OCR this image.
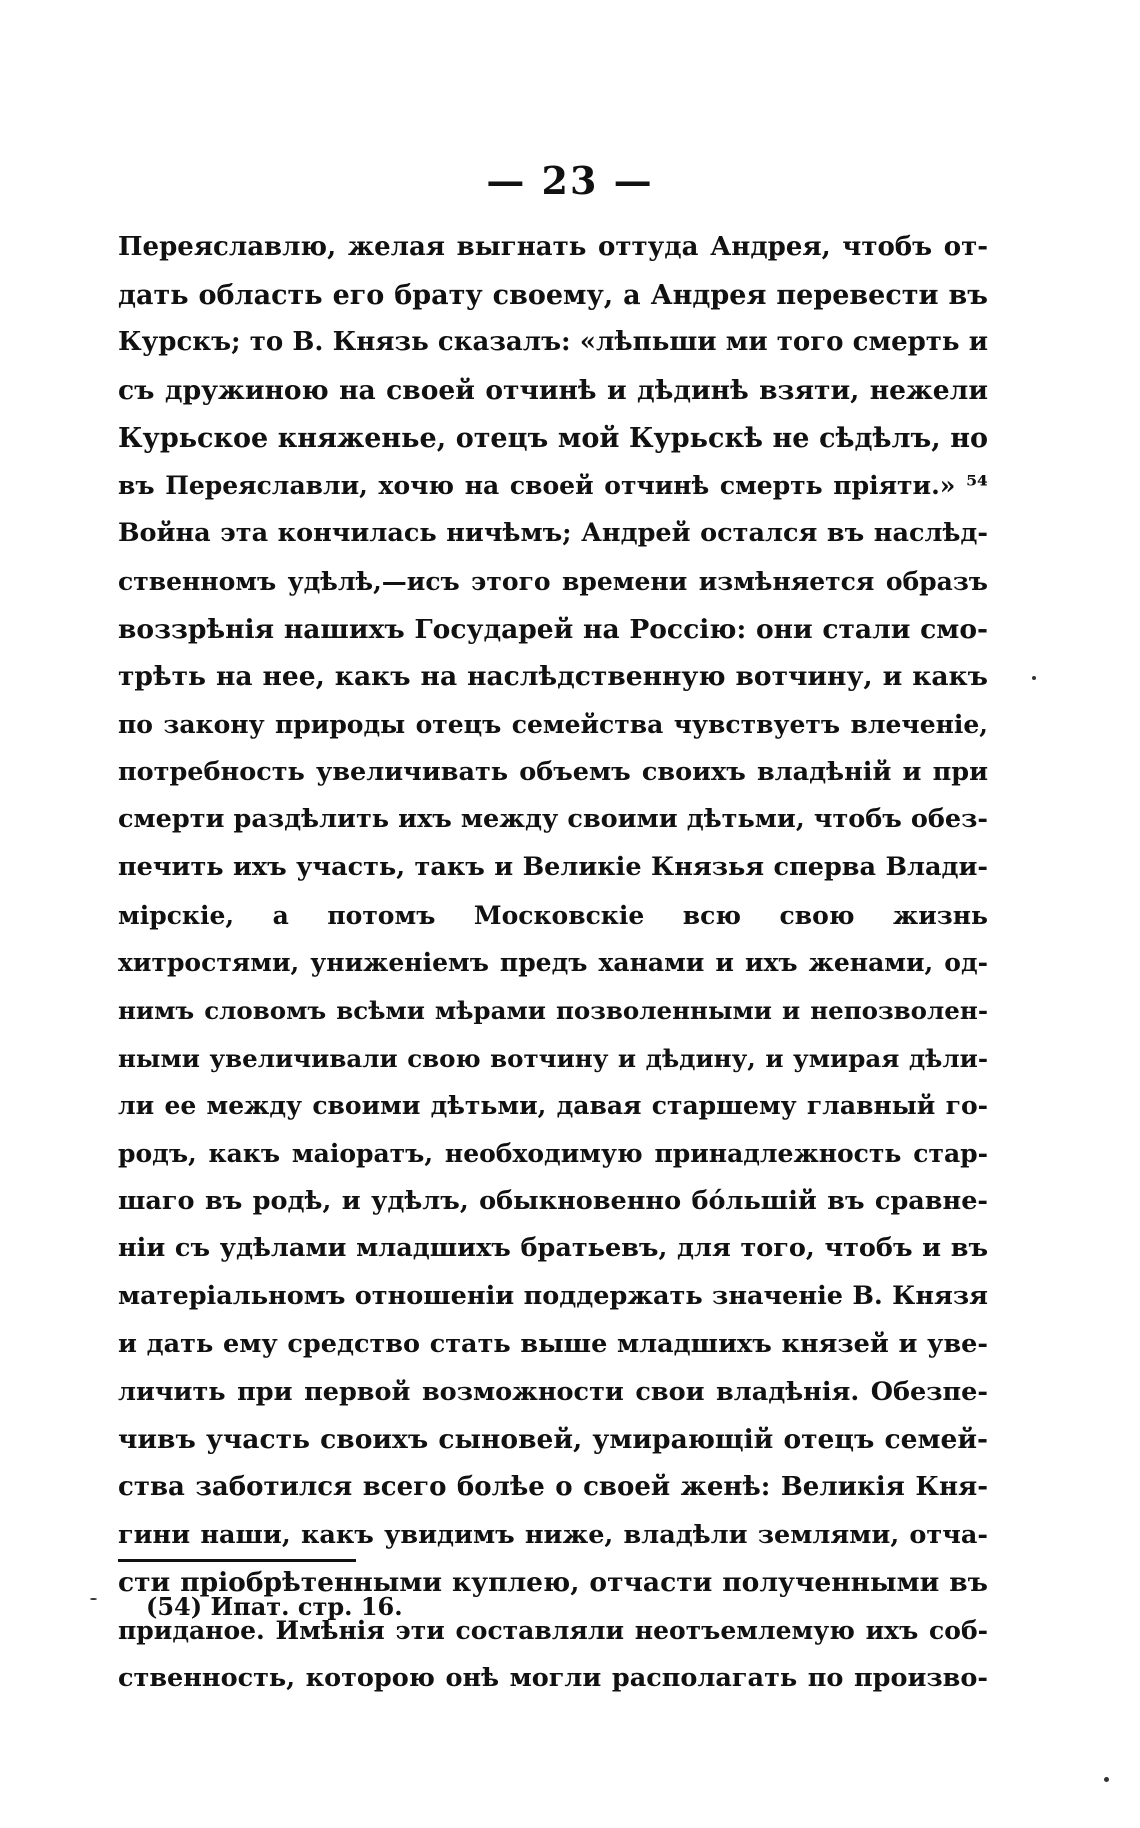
— 23 —
Переяславлю, желая выгнать оттуда Андрея, чтобъ от-
дать область его брату своему, а Андрея перевести въ
Курскъ; то В. Князь сказалъ: «лѣпьши ми того смерть и
съ дружиною на своей отчинѣ и дѣдинѣ взяти, нежели
Курьское княженье, отецъ мой Курьскѣ не сѣдѣлъ, но
въ Переяславли, хочю на своей отчинѣ смерть пріяти.» ⁵⁴
Война эта кончилась ничѣмъ; Андрей остался въ наслѣд-
ственномъ удѣлѣ,—исъ этого времени измѣняется образъ
воззрѣнія нашихъ Государей на Россію: они стали смо-
трѣть на нее, какъ на наслѣдственную вотчину, и какъ
по закону природы отецъ семейства чувствуетъ влеченіе,
потребность увеличивать объемъ своихъ владѣній и при
смерти раздѣлить ихъ между своими дѣтьми, чтобъ обез-
печить ихъ участь, такъ и Великіе Князья сперва Влади-
мірскіе, а потомъ Московскіе всю свою жизнь
хитростями, униженіемъ предъ ханами и ихъ женами, од-
нимъ словомъ всѣми мѣрами позволенными и непозволен-
ными увеличивали свою вотчину и дѣдину, и умирая дѣли-
ли ее между своими дѣтьми, давая старшему главный го-
родъ, какъ маіоратъ, необходимую принадлежность стар-
шаго въ родѣ, и удѣлъ, обыкновенно бо́льшій въ сравне-
ніи съ удѣлами младшихъ братьевъ, для того, чтобъ и въ
матеріальномъ отношеніи поддержать значеніе В. Князя
и дать ему средство стать выше младшихъ князей и уве-
личить при первой возможности свои владѣнія. Обезпе-
чивъ участь своихъ сыновей, умирающій отецъ семей-
ства заботился всего болѣе о своей женѣ: Великія Кня-
гини наши, какъ увидимъ ниже, владѣли землями, отча-
сти пріобрѣтенными куплею, отчасти полученными въ
приданое. Имѣнія эти составляли неотъемлемую ихъ соб-
ственность, которою онѣ могли располагать по произво-
(54) Ипат. стр. 16.
